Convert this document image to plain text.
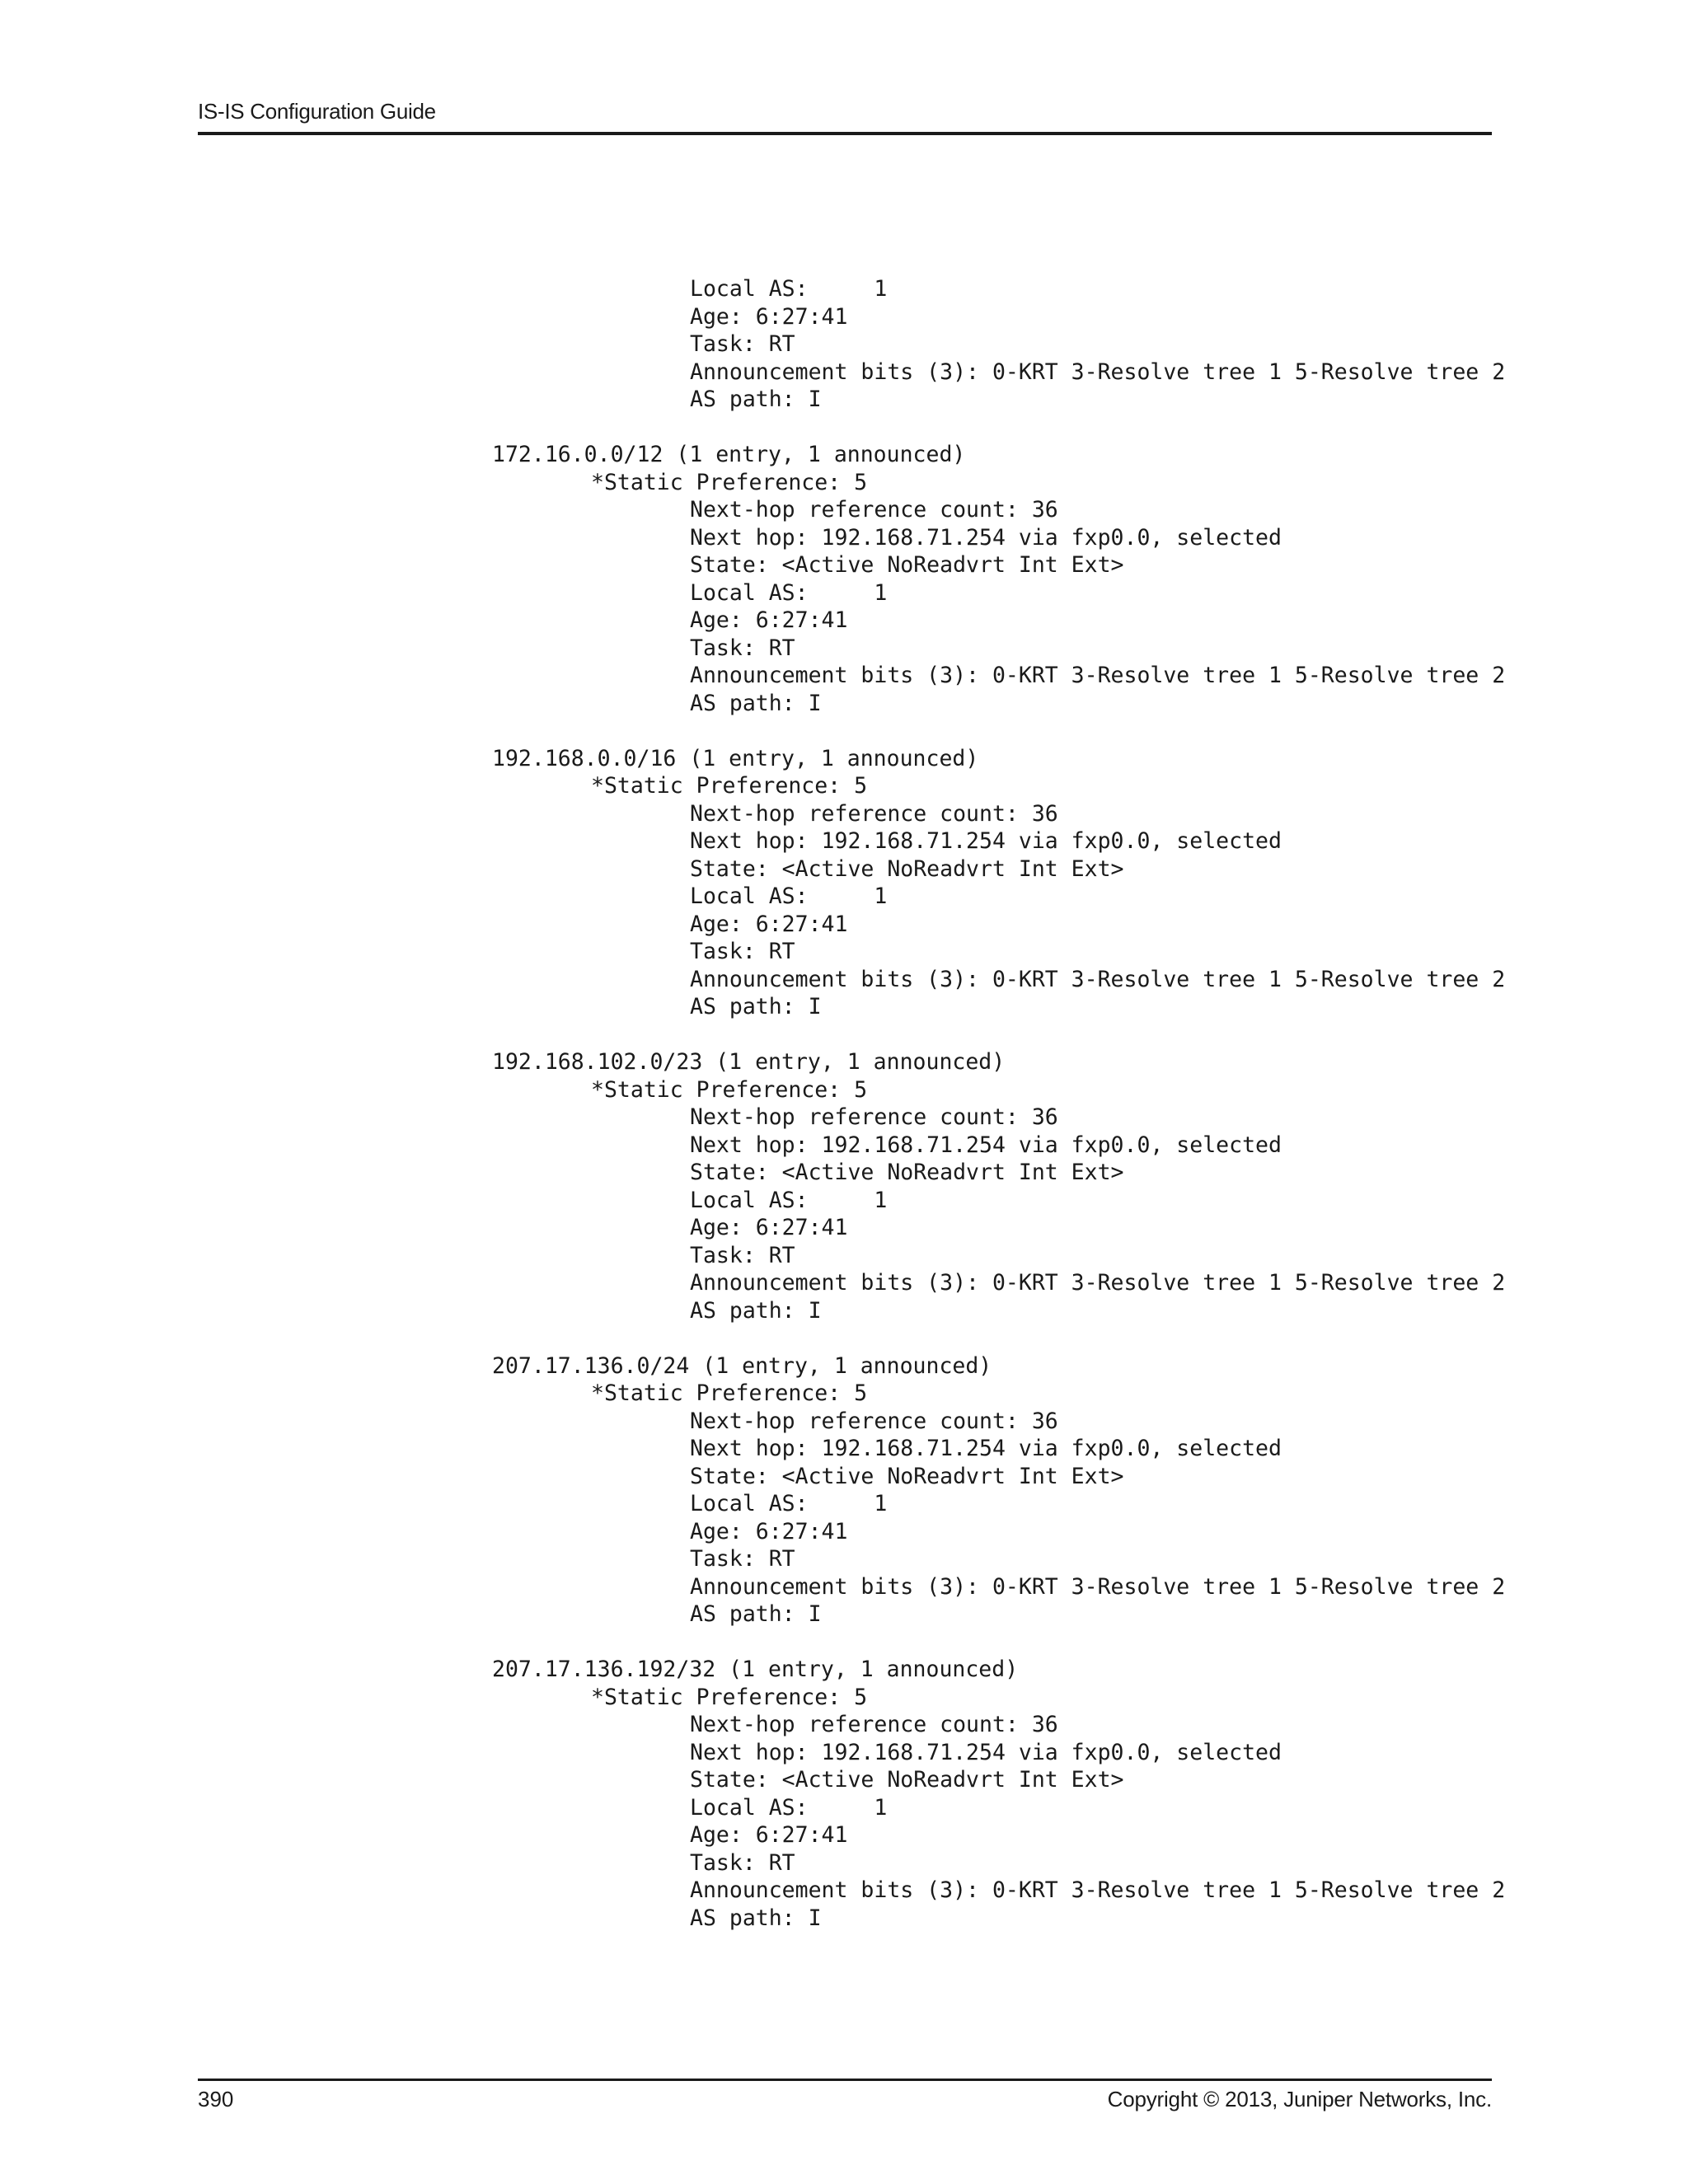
IS-IS Configuration Guide
Local AS:     1
Age: 6:27:41
Task: RT
Announcement bits (3): 0-KRT 3-Resolve tree 1 5-Resolve tree 2
AS path: I
172.16.0.0/12 (1 entry, 1 announced)
*Static Preference: 5
Next-hop reference count: 36
Next hop: 192.168.71.254 via fxp0.0, selected
State: <Active NoReadvrt Int Ext>
Local AS:     1
Age: 6:27:41
Task: RT
Announcement bits (3): 0-KRT 3-Resolve tree 1 5-Resolve tree 2
AS path: I
192.168.0.0/16 (1 entry, 1 announced)
*Static Preference: 5
Next-hop reference count: 36
Next hop: 192.168.71.254 via fxp0.0, selected
State: <Active NoReadvrt Int Ext>
Local AS:     1
Age: 6:27:41
Task: RT
Announcement bits (3): 0-KRT 3-Resolve tree 1 5-Resolve tree 2
AS path: I
192.168.102.0/23 (1 entry, 1 announced)
*Static Preference: 5
Next-hop reference count: 36
Next hop: 192.168.71.254 via fxp0.0, selected
State: <Active NoReadvrt Int Ext>
Local AS:     1
Age: 6:27:41
Task: RT
Announcement bits (3): 0-KRT 3-Resolve tree 1 5-Resolve tree 2
AS path: I
207.17.136.0/24 (1 entry, 1 announced)
*Static Preference: 5
Next-hop reference count: 36
Next hop: 192.168.71.254 via fxp0.0, selected
State: <Active NoReadvrt Int Ext>
Local AS:     1
Age: 6:27:41
Task: RT
Announcement bits (3): 0-KRT 3-Resolve tree 1 5-Resolve tree 2
AS path: I
207.17.136.192/32 (1 entry, 1 announced)
*Static Preference: 5
Next-hop reference count: 36
Next hop: 192.168.71.254 via fxp0.0, selected
State: <Active NoReadvrt Int Ext>
Local AS:     1
Age: 6:27:41
Task: RT
Announcement bits (3): 0-KRT 3-Resolve tree 1 5-Resolve tree 2
AS path: I
390	Copyright © 2013, Juniper Networks, Inc.
